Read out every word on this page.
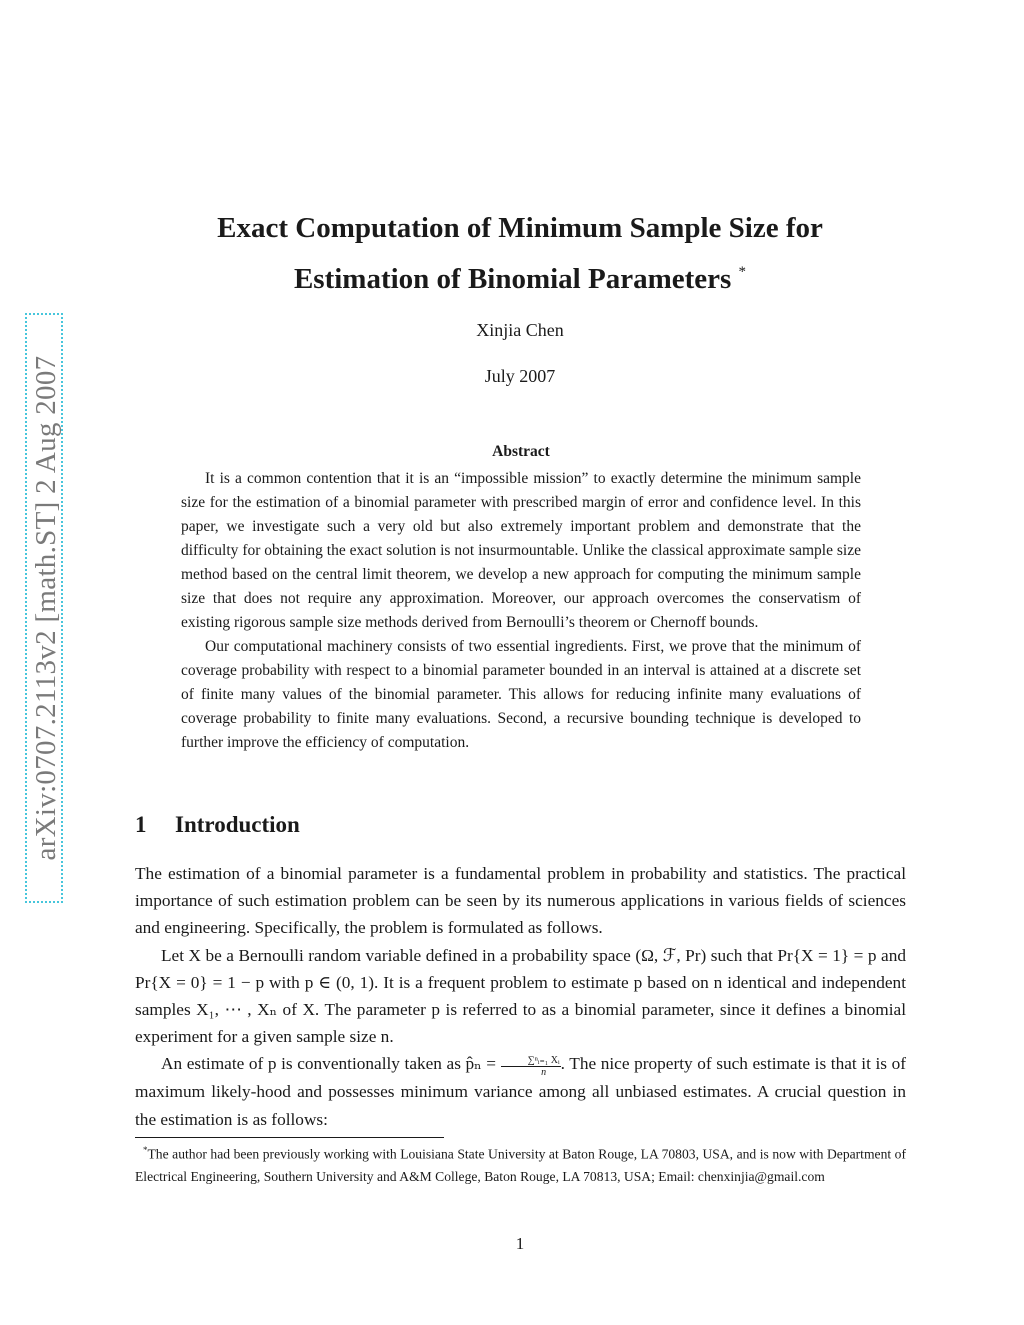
arXiv:0707.2113v2 [math.ST] 2 Aug 2007
Exact Computation of Minimum Sample Size for
Estimation of Binomial Parameters *
Xinjia Chen
July 2007
Abstract

It is a common contention that it is an “impossible mission” to exactly determine the minimum sample size for the estimation of a binomial parameter with prescribed margin of error and confidence level. In this paper, we investigate such a very old but also extremely important problem and demonstrate that the difficulty for obtaining the exact solution is not insurmountable. Unlike the classical approximate sample size method based on the central limit theorem, we develop a new approach for computing the minimum sample size that does not require any approximation. Moreover, our approach overcomes the conservatism of existing rigorous sample size methods derived from Bernoulli’s theorem or Chernoff bounds.

Our computational machinery consists of two essential ingredients. First, we prove that the minimum of coverage probability with respect to a binomial parameter bounded in an interval is attained at a discrete set of finite many values of the binomial parameter. This allows for reducing infinite many evaluations of coverage probability to finite many evaluations. Second, a recursive bounding technique is developed to further improve the efficiency of computation.

1 Introduction

The estimation of a binomial parameter is a fundamental problem in probability and statistics. The practical importance of such estimation problem can be seen by its numerous applications in various fields of sciences and engineering. Specifically, the problem is formulated as follows.

Let X be a Bernoulli random variable defined in a probability space (Ω, ℱ, Pr) such that Pr{X = 1} = p and Pr{X = 0} = 1 − p with p ∈ (0, 1). It is a frequent problem to estimate p based on n identical and independent samples X₁, ⋯ , Xₙ of X. The parameter p is referred to as a binomial parameter, since it defines a binomial experiment for a given sample size n.

An estimate of p is conventionally taken as p̂ₙ = $\frac{\text{∑ⁿᵢ₌₁ Xᵢ}}{n}$ . The nice property of such estimate is that it is of maximum likely-hood and possesses minimum variance among all unbiased estimates. A crucial question in the estimation is as follows:

*The author had been previously working with Louisiana State University at Baton Rouge, LA 70803, USA, and is now with Department of Electrical Engineering, Southern University and A&M College, Baton Rouge, LA 70813, USA; Email: chenxinjia@gmail.com
1
